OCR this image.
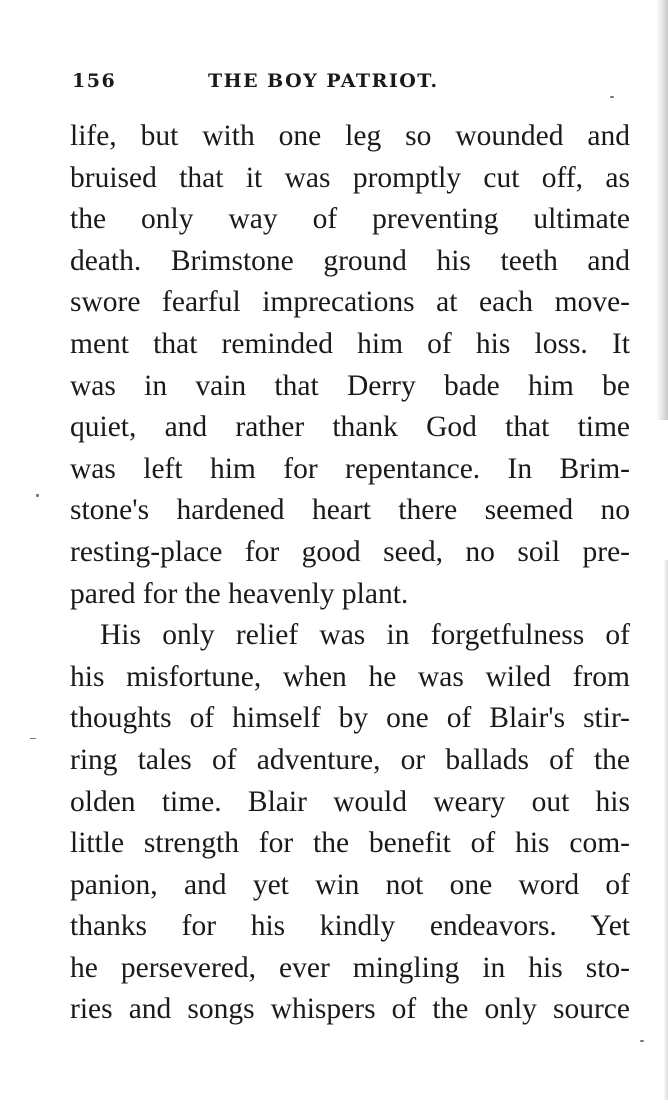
156	THE BOY PATRIOT.
life, but with one leg so wounded and
bruised that it was promptly cut off, as
the only way of preventing ultimate
death. Brimstone ground his teeth and
swore fearful imprecations at each move-
ment that reminded him of his loss. It
was in vain that Derry bade him be
quiet, and rather thank God that time
was left him for repentance. In Brim-
stone's hardened heart there seemed no
resting-place for good seed, no soil pre-
pared for the heavenly plant.
His only relief was in forgetfulness of
his misfortune, when he was wiled from
thoughts of himself by one of Blair's stir-
ring tales of adventure, or ballads of the
olden time. Blair would weary out his
little strength for the benefit of his com-
panion, and yet win not one word of
thanks for his kindly endeavors. Yet
he persevered, ever mingling in his sto-
ries and songs whispers of the only source
